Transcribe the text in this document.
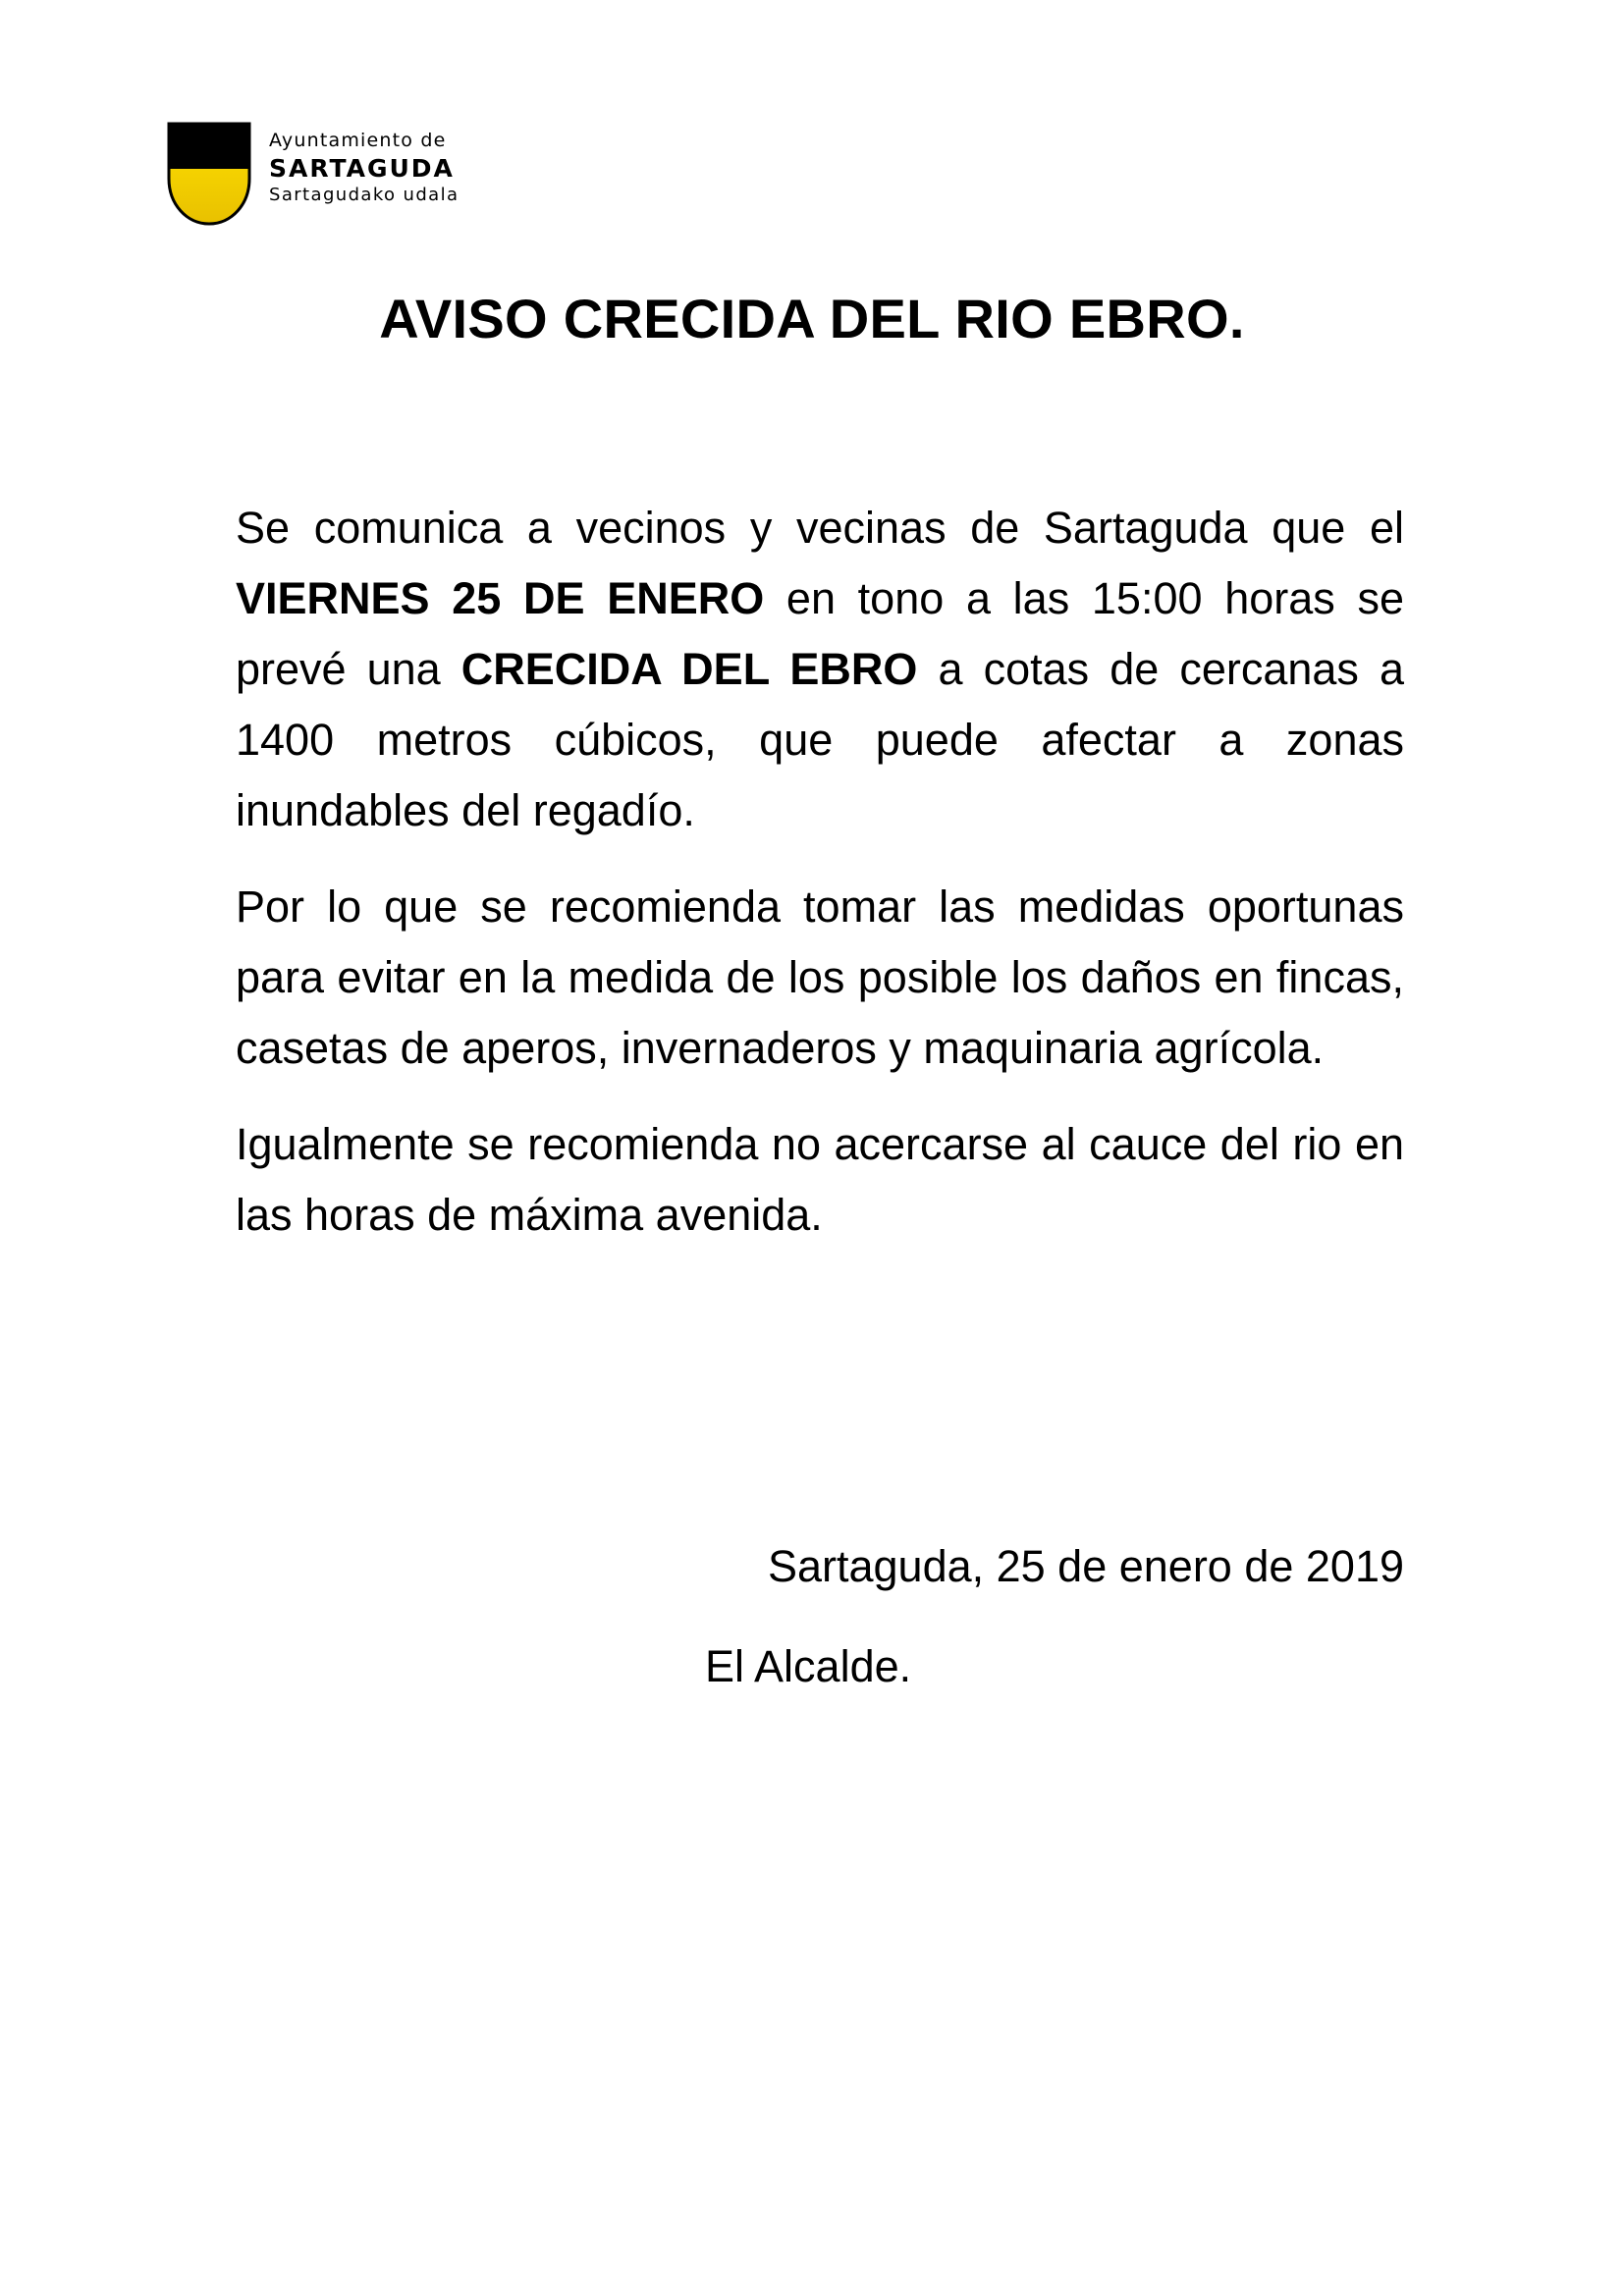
Ayuntamiento de
SARTAGUDA
Sartagudako udala
AVISO CRECIDA DEL RIO EBRO.

Se comunica a vecinos y vecinas de Sartaguda que el VIERNES 25 DE ENERO en tono a las 15:00 horas se prevé una CRECIDA DEL EBRO a cotas de cercanas a 1400 metros cúbicos, que puede afectar a zonas inundables del regadío.

Por lo que se recomienda tomar las medidas oportunas para evitar en la medida de los posible los daños en fincas, casetas de aperos, invernaderos y maquinaria agrícola.

Igualmente se recomienda no acercarse al cauce del rio en las horas de máxima avenida.

Sartaguda, 25 de enero de 2019

El Alcalde.
